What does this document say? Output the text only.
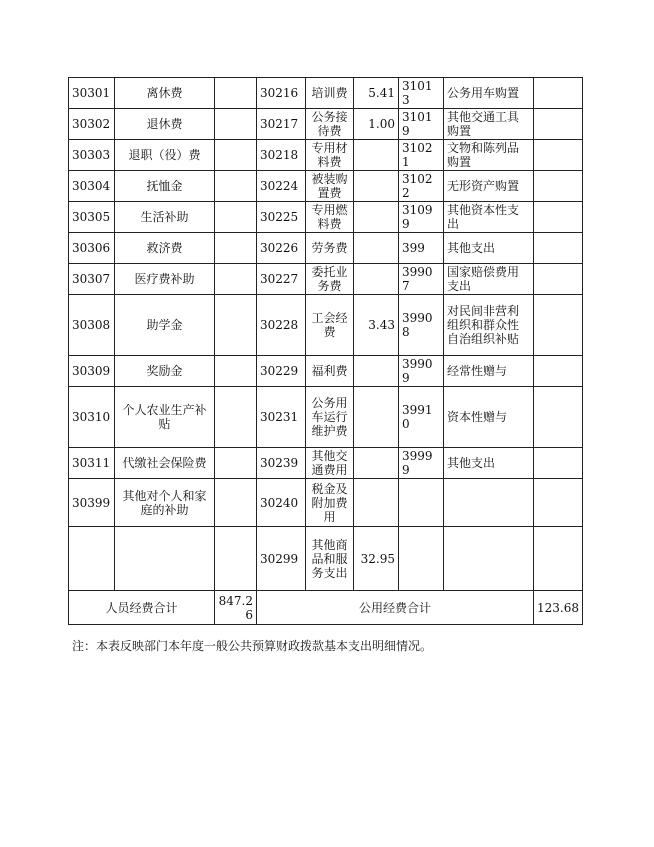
30301	离休费		30216	培训费	5.41	31013	公务用车购置	
30302	退休费		30217	公务接待费	1.00	31019	其他交通工具购置	
30303	退职（役）费		30218	专用材料费		31021	文物和陈列品购置	
30304	抚恤金		30224	被装购置费		31022	无形资产购置	
30305	生活补助		30225	专用燃料费		31099	其他资本性支出	
30306	救济费		30226	劳务费		399	其他支出	
30307	医疗费补助		30227	委托业务费		39907	国家赔偿费用支出	
30308	助学金		30228	工会经费	3.43	39908	对民间非营利组织和群众性自治组织补贴	
30309	奖励金		30229	福利费		39909	经常性赠与	
30310	个人农业生产补贴		30231	公务用车运行维护费		39910	资本性赠与	
30311	代缴社会保险费		30239	其他交通费用		39999	其他支出	
30399	其他对个人和家庭的补助		30240	税金及附加费用				
			30299	其他商品和服务支出	32.95			
人员经费合计		847.26	公用经费合计					123.68

注：本表反映部门本年度一般公共预算财政拨款基本支出明细情况。
